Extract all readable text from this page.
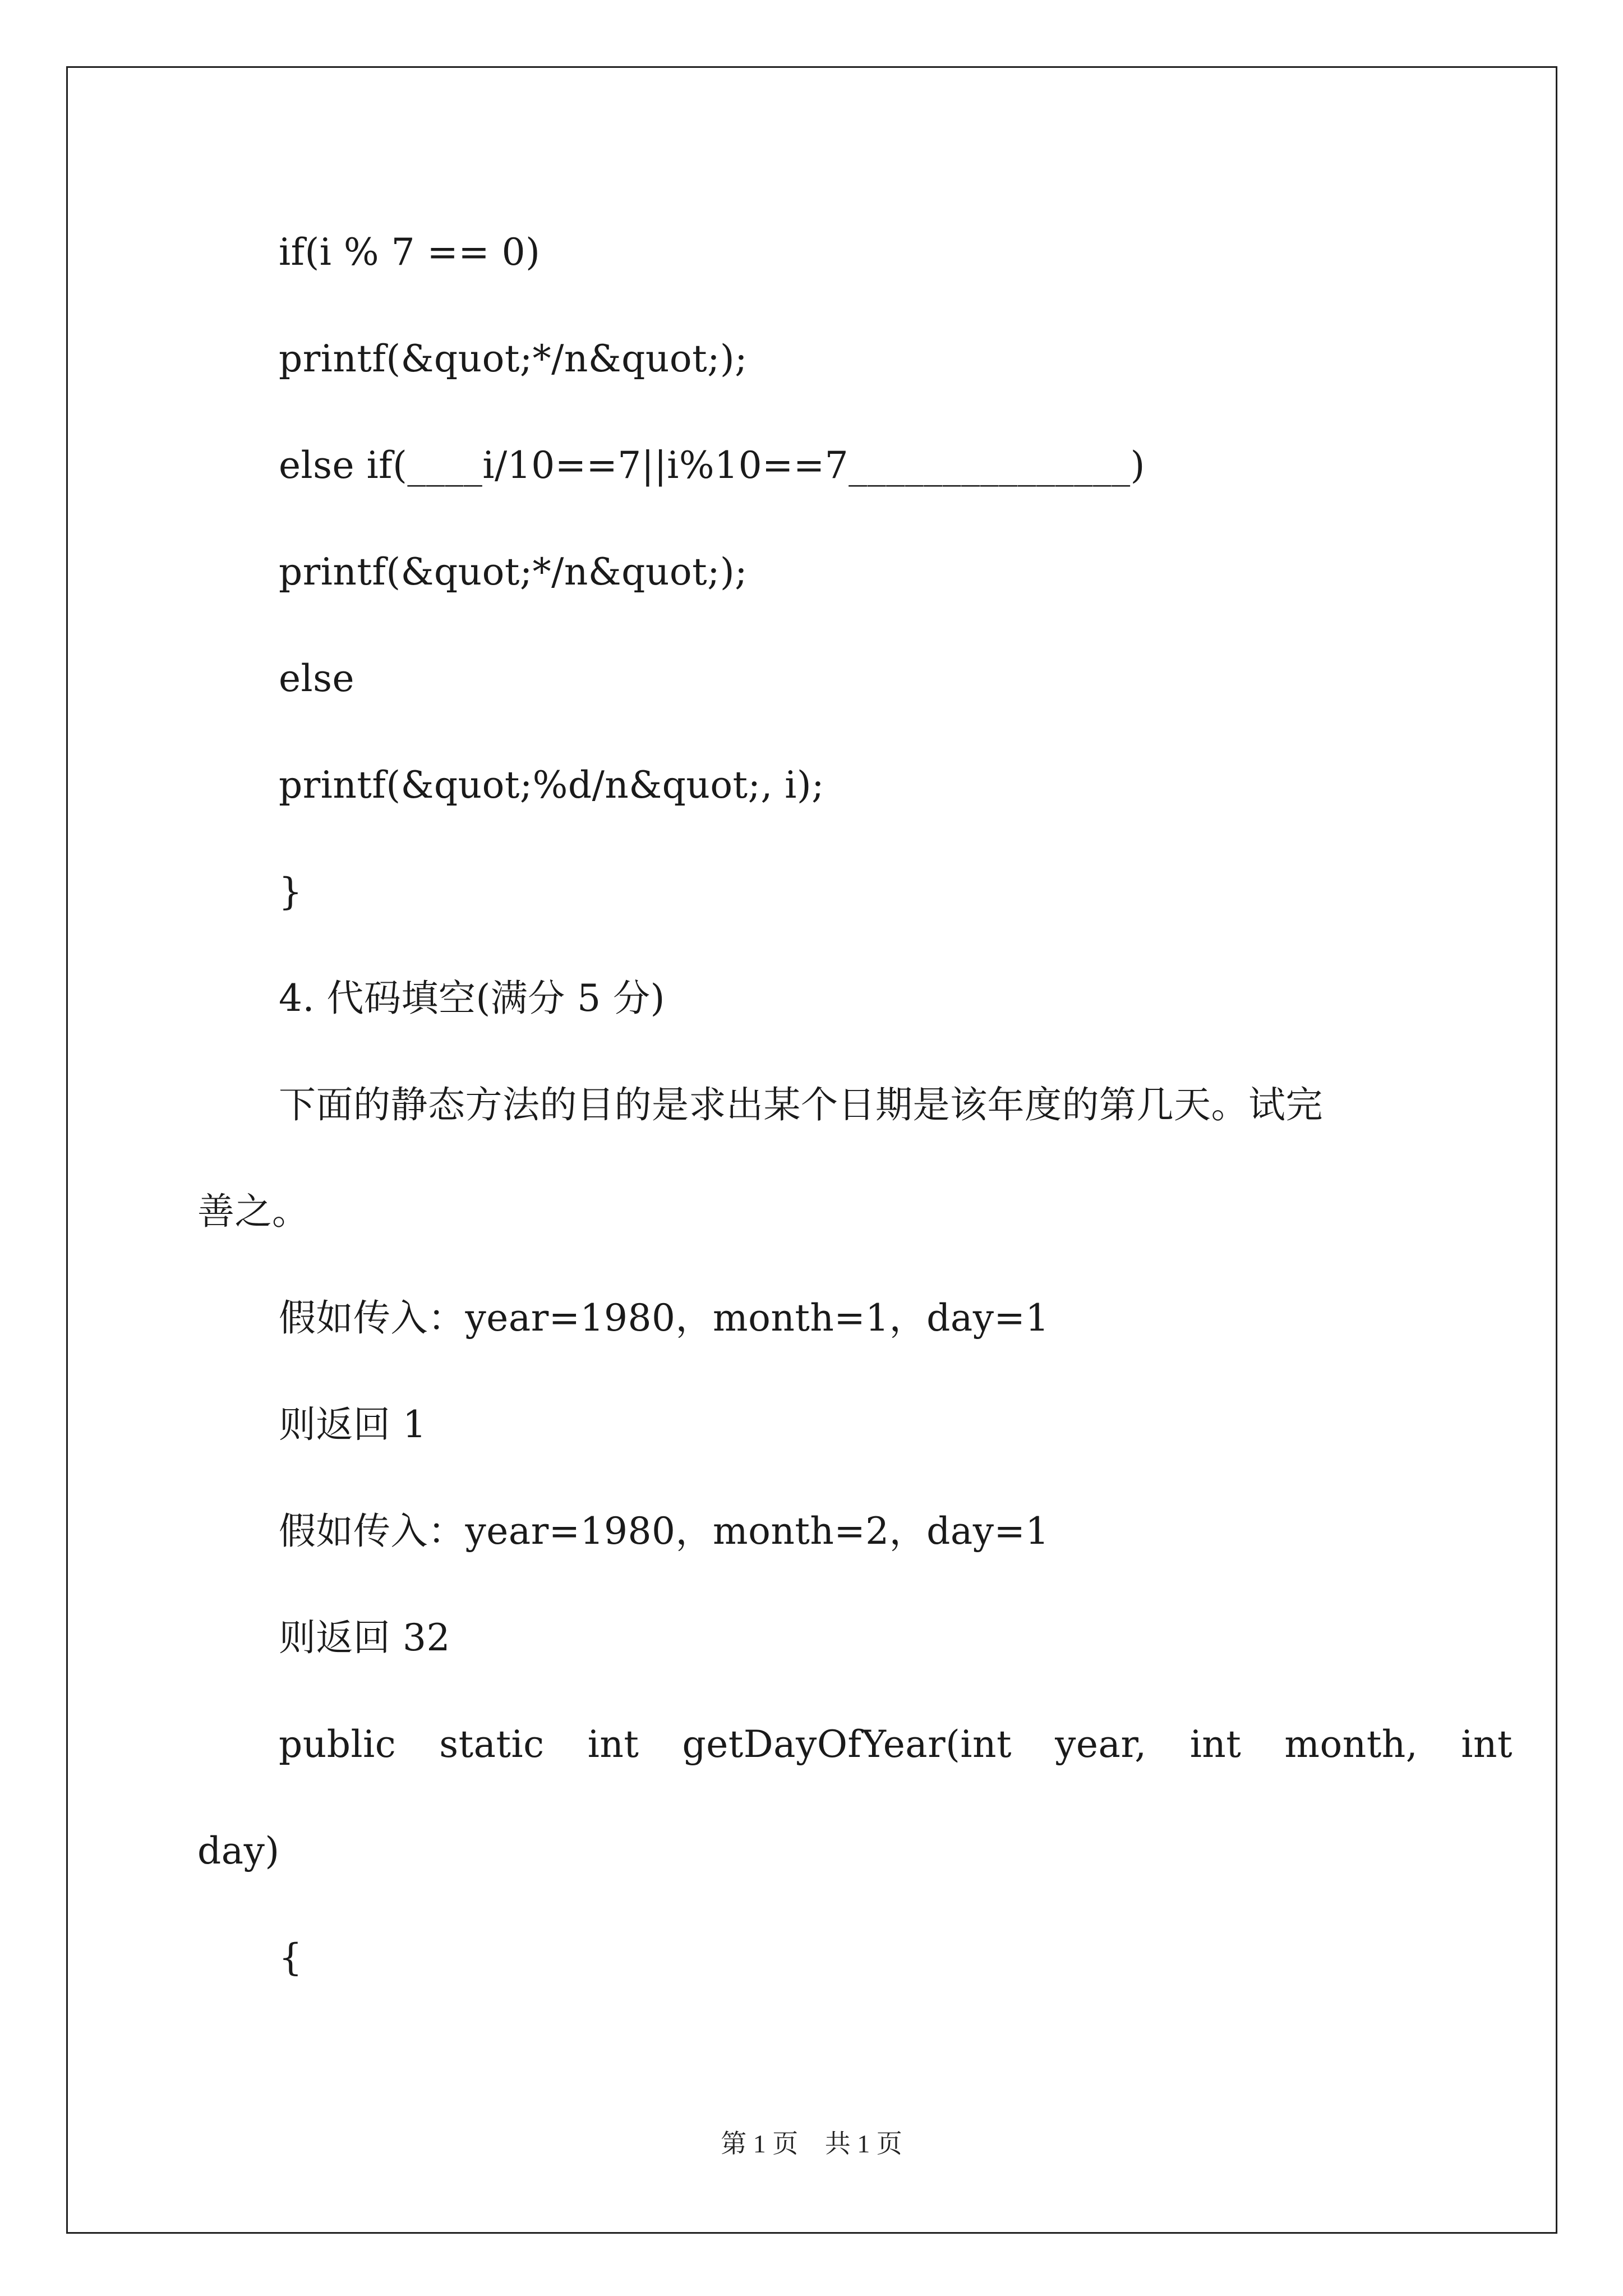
if(i % 7 == 0)
printf(&quot;*/n&quot;);
else if(____i/10==7||i%10==7_______________)
printf(&quot;*/n&quot;);
else
printf(&quot;%d/n&quot;, i);
}
4. 代码填空(满分 5 分)
下面的静态方法的目的是求出某个日期是该年度的第几天。试完
善之。
假如传入：year=1980，month=1，day=1
则返回 1
假如传入：year=1980，month=2，day=1
则返回 32
public static int getDayOfYear(int year, int month, int
day)
{
第 1 页 共 1 页
